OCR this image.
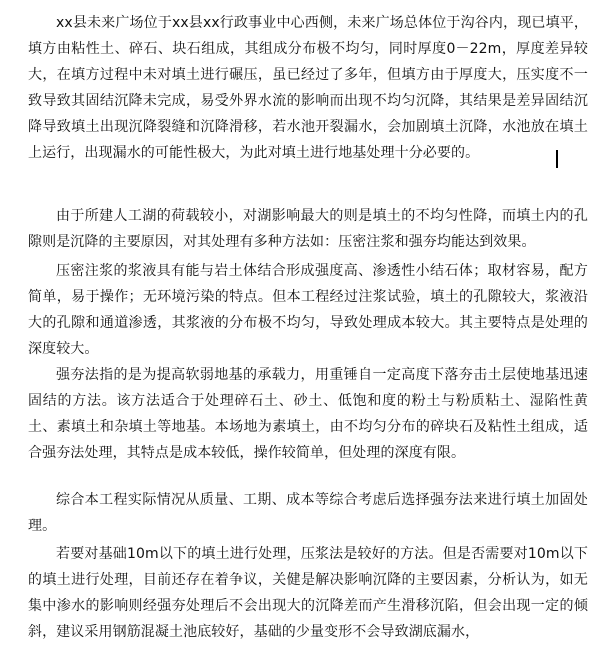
xx县未来广场位于xx县xx行政事业中心西侧，未来广场总体位于沟谷内，现已填平，填方由粘性土、碎石、块石组成，其组成分布极不均匀，同时厚度0－22m，厚度差异较大，在填方过程中未对填土进行碾压，虽已经过了多年，但填方由于厚度大，压实度不一致导致其固结沉降未完成，易受外界水流的影响而出现不均匀沉降，其结果是差异固结沉降导致填土出现沉降裂缝和沉降滑移，若水池开裂漏水，会加剧填土沉降，水池放在填土上运行，出现漏水的可能性极大，为此对填土进行地基处理十分必要的。

由于所建人工湖的荷载较小，对湖影响最大的则是填土的不均匀性降，而填土内的孔隙则是沉降的主要原因，对其处理有多种方法如：压密注浆和强夯均能达到效果。

压密注浆的浆液具有能与岩土体结合形成强度高、渗透性小结石体；取材容易，配方简单，易于操作；无环境污染的特点。但本工程经过注浆试验，填土的孔隙较大，浆液沿大的孔隙和通道渗透，其浆液的分布极不均匀，导致处理成本较大。其主要特点是处理的深度较大。

强夯法指的是为提高软弱地基的承载力，用重锤自一定高度下落夯击土层使地基迅速固结的方法。该方法适合于处理碎石土、砂土、低饱和度的粉土与粉质粘土、湿陷性黄土、素填土和杂填土等地基。本场地为素填土，由不均匀分布的碎块石及粘性土组成，适合强夯法处理，其特点是成本较低，操作较简单，但处理的深度有限。

综合本工程实际情况从质量、工期、成本等综合考虑后选择强夯法来进行填土加固处理。

若要对基础10m以下的填土进行处理，压浆法是较好的方法。但是否需要对10m以下的填土进行处理，目前还存在着争议，关健是解决影响沉降的主要因素，分析认为，如无集中渗水的影响则经强夯处理后不会出现大的沉降差而产生滑移沉陷，但会出现一定的倾斜，建议采用钢筋混凝土池底较好，基础的少量变形不会导致湖底漏水，
